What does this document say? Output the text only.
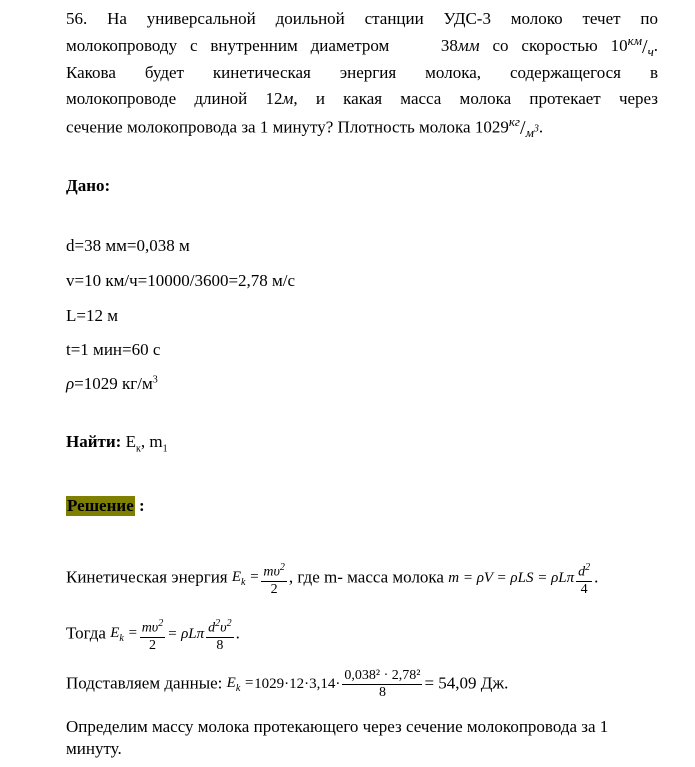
56. На универсальной доильной станции УДС-3 молоко течет по
молокопроводу с внутренним диаметром	38мм со скоростью 10км/ч.
Какова будет кинетическая энергия молока, содержащегося в
молокопроводе длиной 12м, и какая масса молока протекает через
сечение молокопровода за 1 минуту? Плотность молока $1029кг/м^3$.
Дано:
d=38 мм=0,038 м
v=10 км/ч=10000/3600=2,78 м/с
L=12 м
t=1 мин=60 с
ρ=1029 $кг/м^3$
Найти: $E_к$, $m_1$
Решение :
Кинетическая энергия $E_k = \frac{m\upsilon^2}{2}$ , где m- масса молока m = ρV = ρLS = ρLπ $\frac{d^2}{4}$ .
Тогда $E_k = \frac{m\upsilon^2}{2} = \rho L\pi \frac{d^2\upsilon^2}{8}$ .
Подставляем данные: $E_k =1029\cdot 12\cdot 3,14\cdot \frac{\text{0,038² · 2,78²}}{8} = 54,09$ Дж.
Определим массу молока протекающего через сечение молокопровода за 1 минуту.
